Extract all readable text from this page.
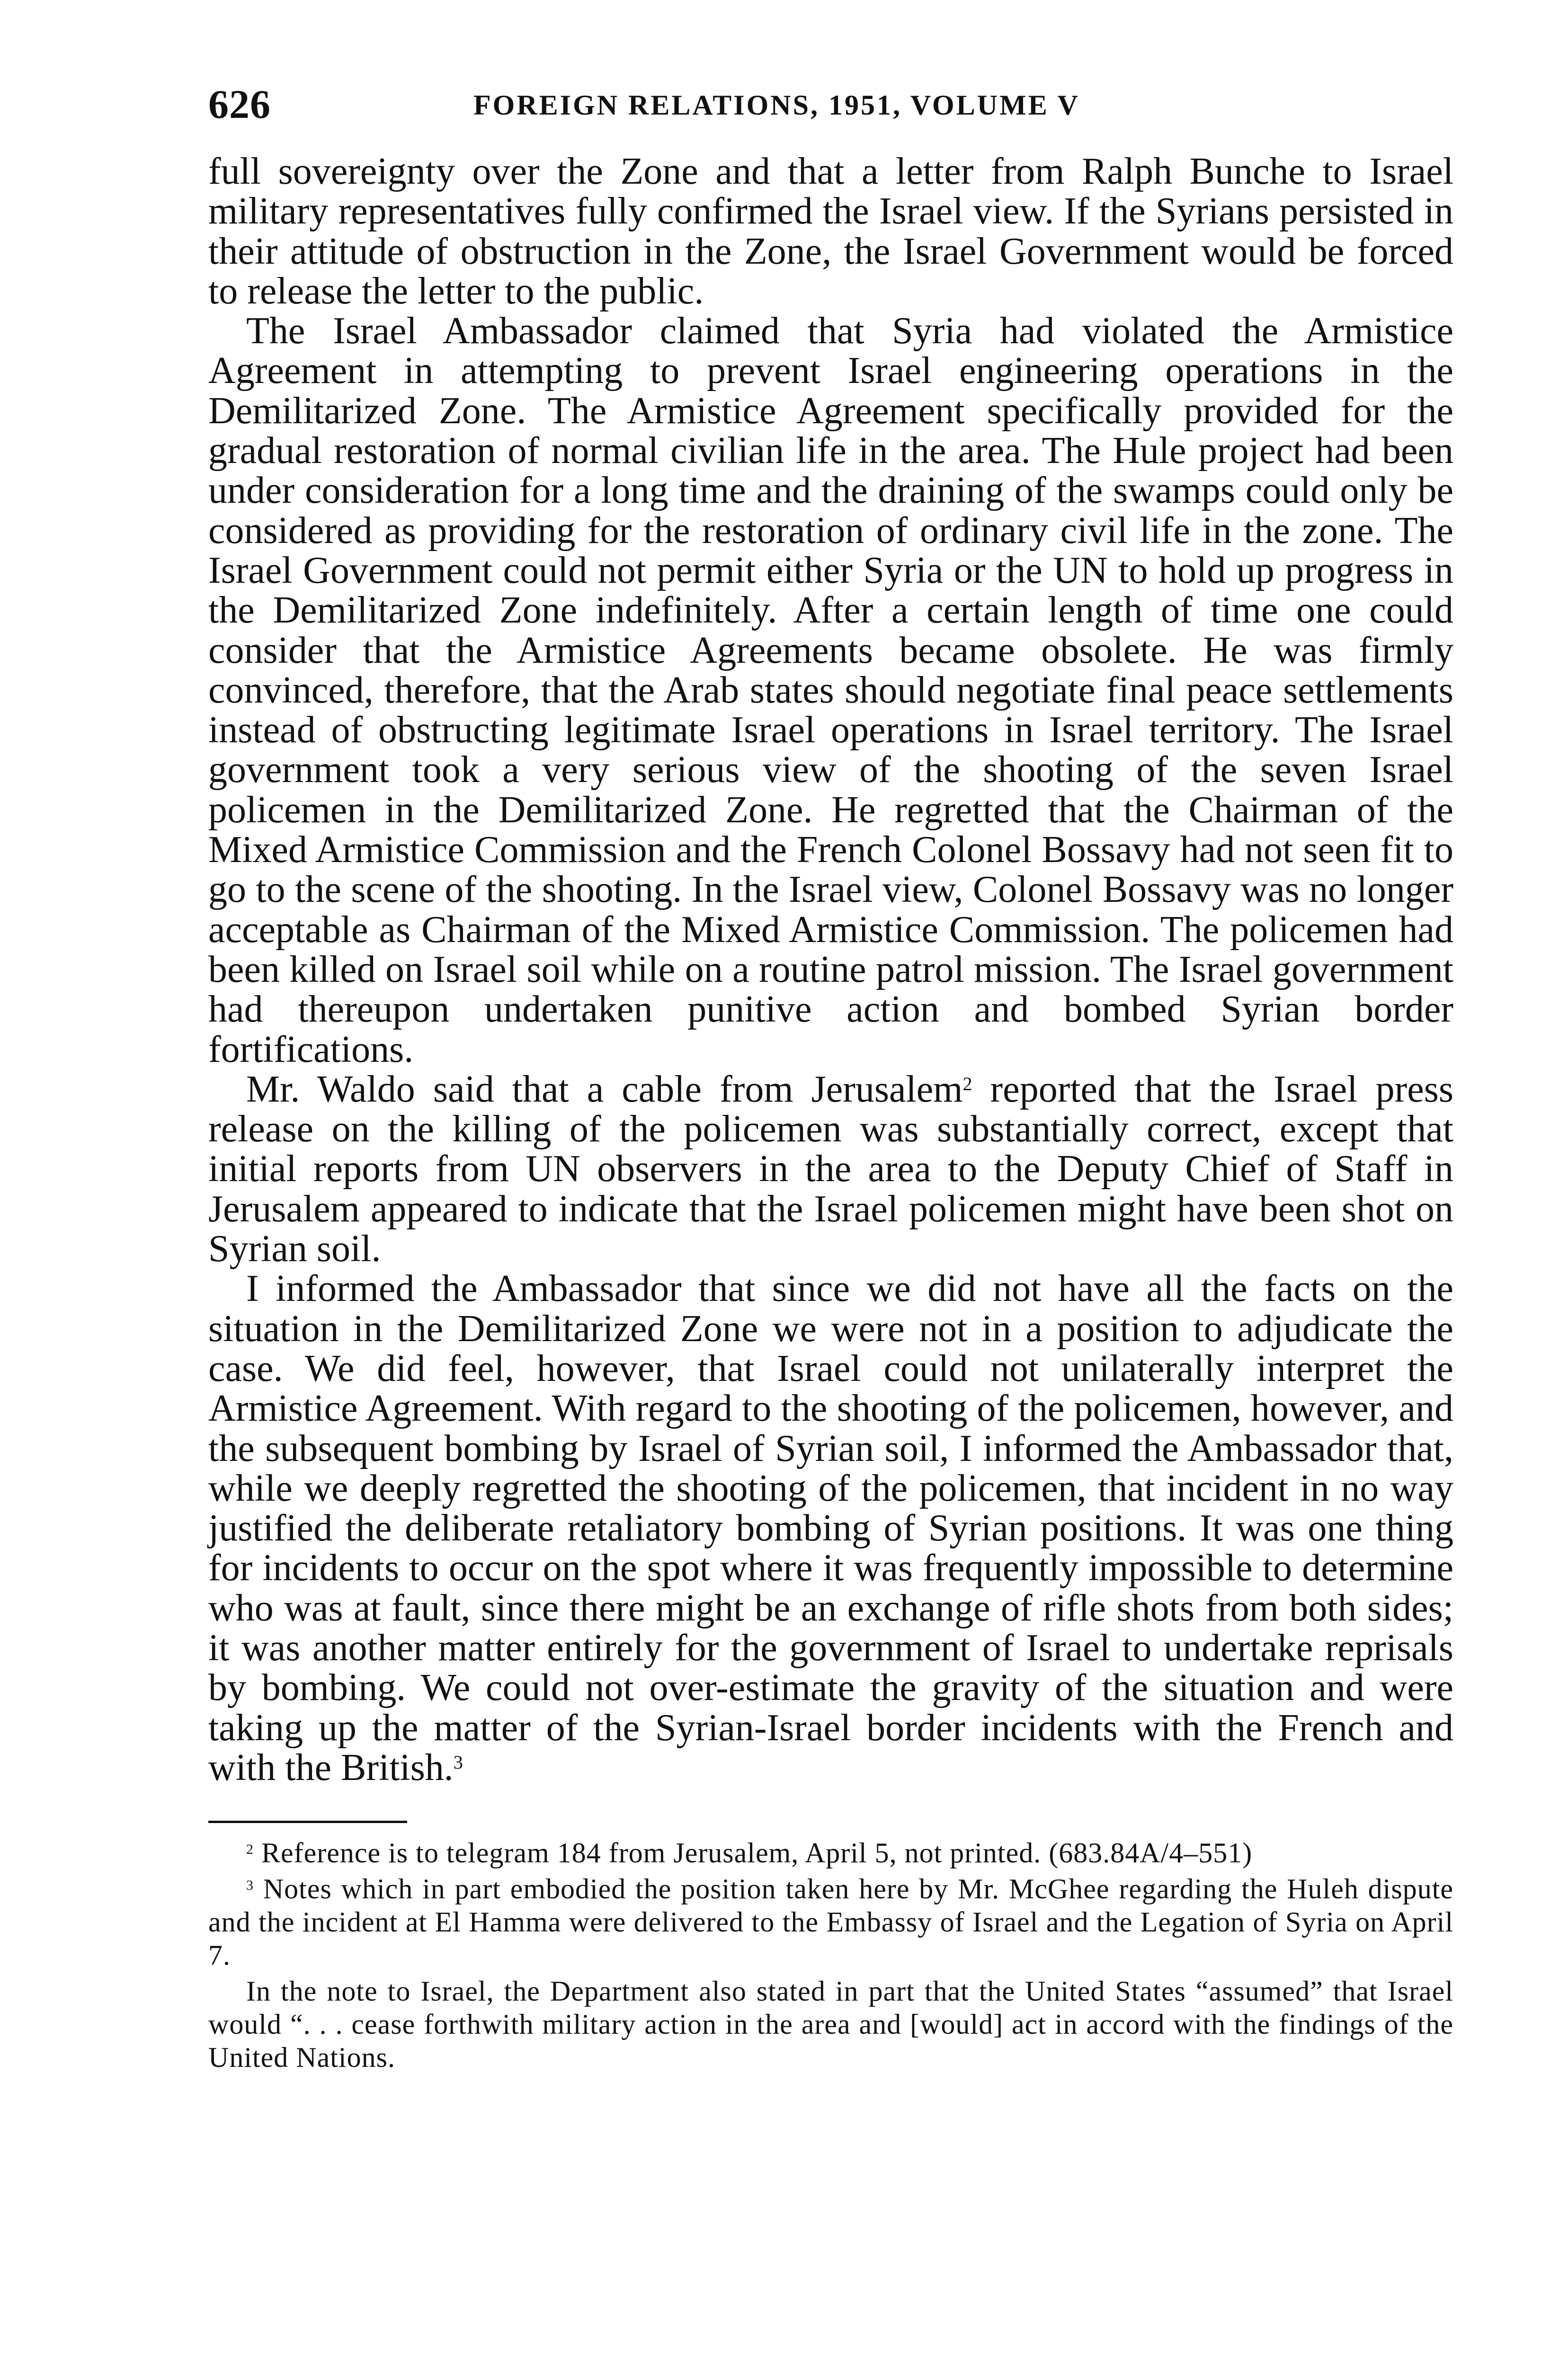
626	FOREIGN RELATIONS, 1951, VOLUME V

full sovereignty over the Zone and that a letter from Ralph Bunche to Israel military representatives fully confirmed the Israel view. If the Syrians persisted in their attitude of obstruction in the Zone, the Israel Government would be forced to release the letter to the public.

The Israel Ambassador claimed that Syria had violated the Armistice Agreement in attempting to prevent Israel engineering operations in the Demilitarized Zone. The Armistice Agreement specifically provided for the gradual restoration of normal civilian life in the area. The Hule project had been under consideration for a long time and the draining of the swamps could only be considered as providing for the restoration of ordinary civil life in the zone. The Israel Government could not permit either Syria or the UN to hold up progress in the Demilitarized Zone indefinitely. After a certain length of time one could consider that the Armistice Agreements became obsolete. He was firmly convinced, therefore, that the Arab states should negotiate final peace settlements instead of obstructing legitimate Israel operations in Israel territory. The Israel government took a very serious view of the shooting of the seven Israel policemen in the Demilitarized Zone. He regretted that the Chairman of the Mixed Armistice Commission and the French Colonel Bossavy had not seen fit to go to the scene of the shooting. In the Israel view, Colonel Bossavy was no longer acceptable as Chairman of the Mixed Armistice Commission. The policemen had been killed on Israel soil while on a routine patrol mission. The Israel government had thereupon undertaken punitive action and bombed Syrian border fortifications.

Mr. Waldo said that a cable from Jerusalem$^2$ reported that the Israel press release on the killing of the policemen was substantially correct, except that initial reports from UN observers in the area to the Deputy Chief of Staff in Jerusalem appeared to indicate that the Israel policemen might have been shot on Syrian soil.

I informed the Ambassador that since we did not have all the facts on the situation in the Demilitarized Zone we were not in a position to adjudicate the case. We did feel, however, that Israel could not unilaterally interpret the Armistice Agreement. With regard to the shooting of the policemen, however, and the subsequent bombing by Israel of Syrian soil, I informed the Ambassador that, while we deeply regretted the shooting of the policemen, that incident in no way justified the deliberate retaliatory bombing of Syrian positions. It was one thing for incidents to occur on the spot where it was frequently impossible to determine who was at fault, since there might be an exchange of rifle shots from both sides; it was another matter entirely for the government of Israel to undertake reprisals by bombing. We could not over-estimate the gravity of the situation and were taking up the matter of the Syrian-Israel border incidents with the French and with the British.$^3$

$^2$ Reference is to telegram 184 from Jerusalem, April 5, not printed. (683.84A/4–551)

$^3$ Notes which in part embodied the position taken here by Mr. McGhee regarding the Huleh dispute and the incident at El Hamma were delivered to the Embassy of Israel and the Legation of Syria on April 7.

In the note to Israel, the Department also stated in part that the United States “assumed” that Israel would “. . . cease forthwith military action in the area and [would] act in accord with the findings of the United Nations.
